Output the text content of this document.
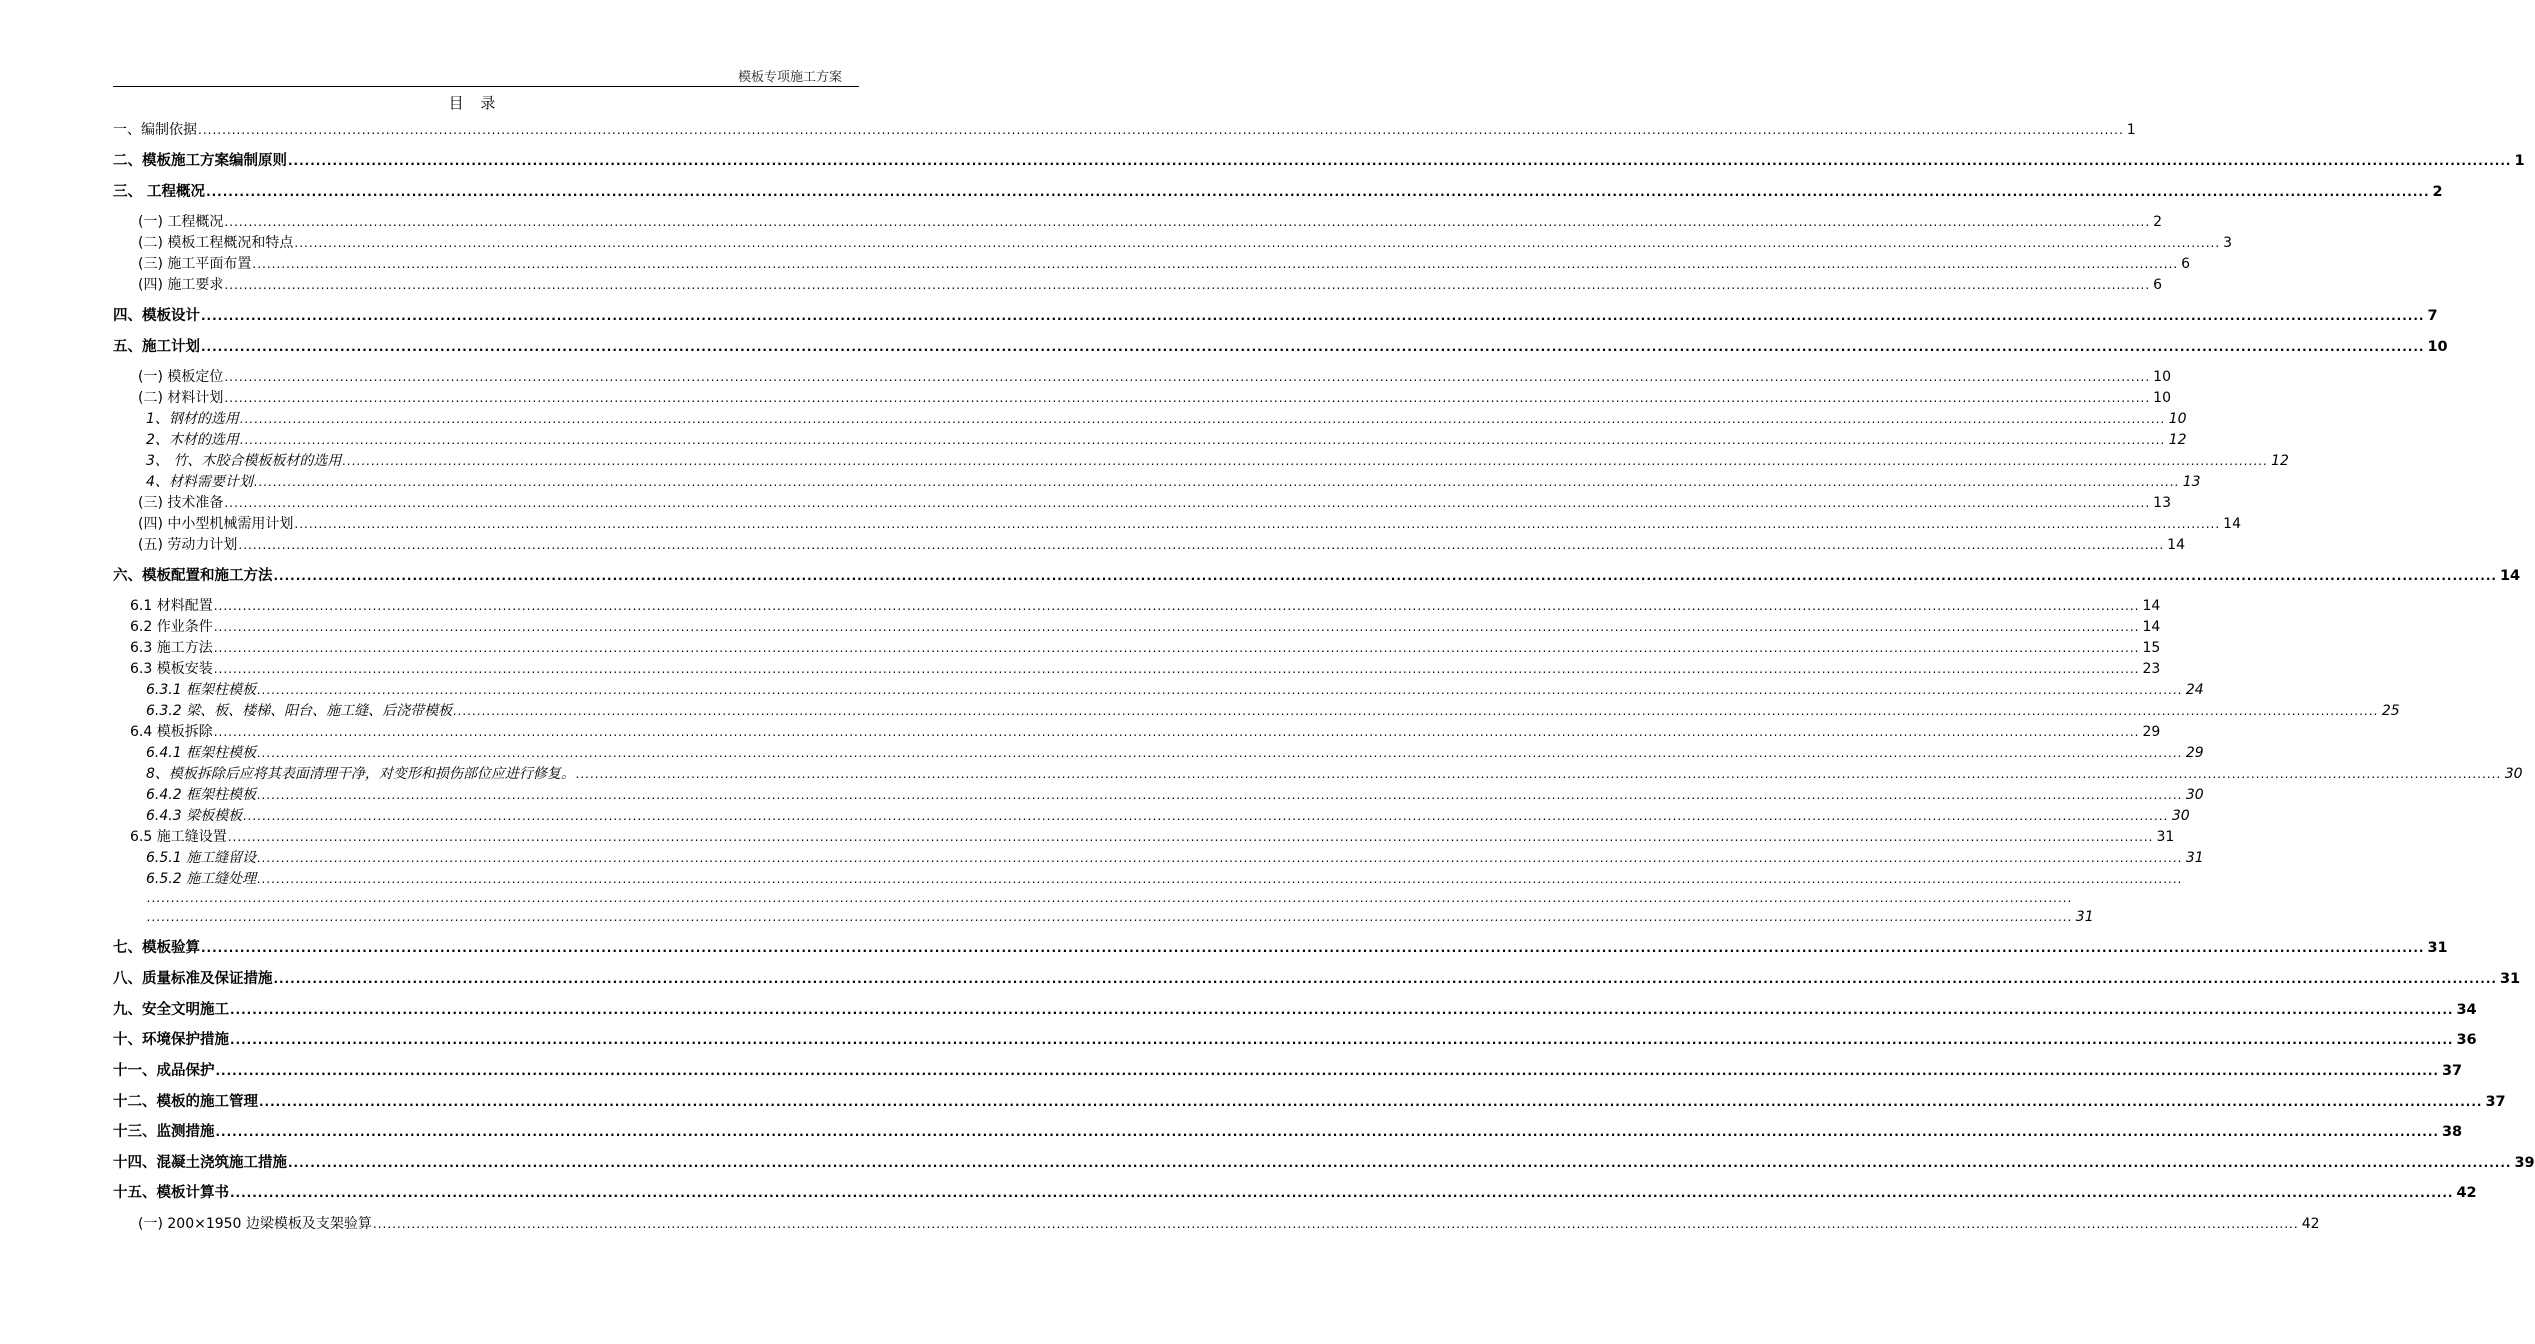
模板专项施工方案
目 录
一、编制依据 ................................................................................................................................................................................................................................................................................................................................................................................................................ 1
二、模板施工方案编制原则 ................................................................................................................................................................................................................................................................................................................................................................................................................ 1
三、 工程概况 ................................................................................................................................................................................................................................................................................................................................................................................................................ 2
(一) 工程概况 ................................................................................................................................................................................................................................................................................................................................................................................................................ 2
(二) 模板工程概况和特点 ................................................................................................................................................................................................................................................................................................................................................................................................................ 3
(三) 施工平面布置 ................................................................................................................................................................................................................................................................................................................................................................................................................ 6
(四) 施工要求 ................................................................................................................................................................................................................................................................................................................................................................................................................ 6
四、模板设计 ................................................................................................................................................................................................................................................................................................................................................................................................................ 7
五、施工计划 ................................................................................................................................................................................................................................................................................................................................................................................................................ 10
(一) 模板定位 ................................................................................................................................................................................................................................................................................................................................................................................................................ 10
(二) 材料计划 ................................................................................................................................................................................................................................................................................................................................................................................................................ 10
1、钢材的选用 ................................................................................................................................................................................................................................................................................................................................................................................................................ 10
2、木材的选用 ................................................................................................................................................................................................................................................................................................................................................................................................................ 12
3、 竹、木胶合模板板材的选用 ................................................................................................................................................................................................................................................................................................................................................................................................................ 12
4、材料需要计划 ................................................................................................................................................................................................................................................................................................................................................................................................................ 13
(三) 技术准备 ................................................................................................................................................................................................................................................................................................................................................................................................................ 13
(四) 中小型机械需用计划 ................................................................................................................................................................................................................................................................................................................................................................................................................ 14
(五) 劳动力计划 ................................................................................................................................................................................................................................................................................................................................................................................................................ 14
六、模板配置和施工方法 ................................................................................................................................................................................................................................................................................................................................................................................................................ 14
6.1 材料配置 ................................................................................................................................................................................................................................................................................................................................................................................................................ 14
6.2 作业条件 ................................................................................................................................................................................................................................................................................................................................................................................................................ 14
6.3 施工方法 ................................................................................................................................................................................................................................................................................................................................................................................................................ 15
6.3 模板安装 ................................................................................................................................................................................................................................................................................................................................................................................................................ 23
6.3.1 框架柱模板 ................................................................................................................................................................................................................................................................................................................................................................................................................ 24
6.3.2 梁、板、楼梯、阳台、施工缝、后浇带模板 ................................................................................................................................................................................................................................................................................................................................................................................................................ 25
6.4 模板拆除 ................................................................................................................................................................................................................................................................................................................................................................................................................ 29
6.4.1 框架柱模板 ................................................................................................................................................................................................................................................................................................................................................................................................................ 29
8、模板拆除后应将其表面清理干净，对变形和损伤部位应进行修复。 ................................................................................................................................................................................................................................................................................................................................................................................................................ 30
6.4.2 框架柱模板 ................................................................................................................................................................................................................................................................................................................................................................................................................ 30
6.4.3 梁板模板 ................................................................................................................................................................................................................................................................................................................................................................................................................ 30
6.5 施工缝设置 ................................................................................................................................................................................................................................................................................................................................................................................................................ 31
6.5.1 施工缝留设 ................................................................................................................................................................................................................................................................................................................................................................................................................ 31
6.5.2 施工缝处理 ................................................................................................................................................................................................................................................................................................................................................................................................................
................................................................................................................................................................................................................................................................................................................................................................................................................
................................................................................................................................................................................................................................................................................................................................................................................................................ 31
七、模板验算 ................................................................................................................................................................................................................................................................................................................................................................................................................ 31
八、质量标准及保证措施 ................................................................................................................................................................................................................................................................................................................................................................................................................ 31
九、安全文明施工 ................................................................................................................................................................................................................................................................................................................................................................................................................ 34
十、环境保护措施 ................................................................................................................................................................................................................................................................................................................................................................................................................ 36
十一、成品保护 ................................................................................................................................................................................................................................................................................................................................................................................................................ 37
十二、模板的施工管理 ................................................................................................................................................................................................................................................................................................................................................................................................................ 37
十三、监测措施 ................................................................................................................................................................................................................................................................................................................................................................................................................ 38
十四、混凝土浇筑施工措施 ................................................................................................................................................................................................................................................................................................................................................................................................................ 39
十五、模板计算书 ................................................................................................................................................................................................................................................................................................................................................................................................................ 42
(一) 200×1950 边梁模板及支架验算 ................................................................................................................................................................................................................................................................................................................................................................................................................ 42
